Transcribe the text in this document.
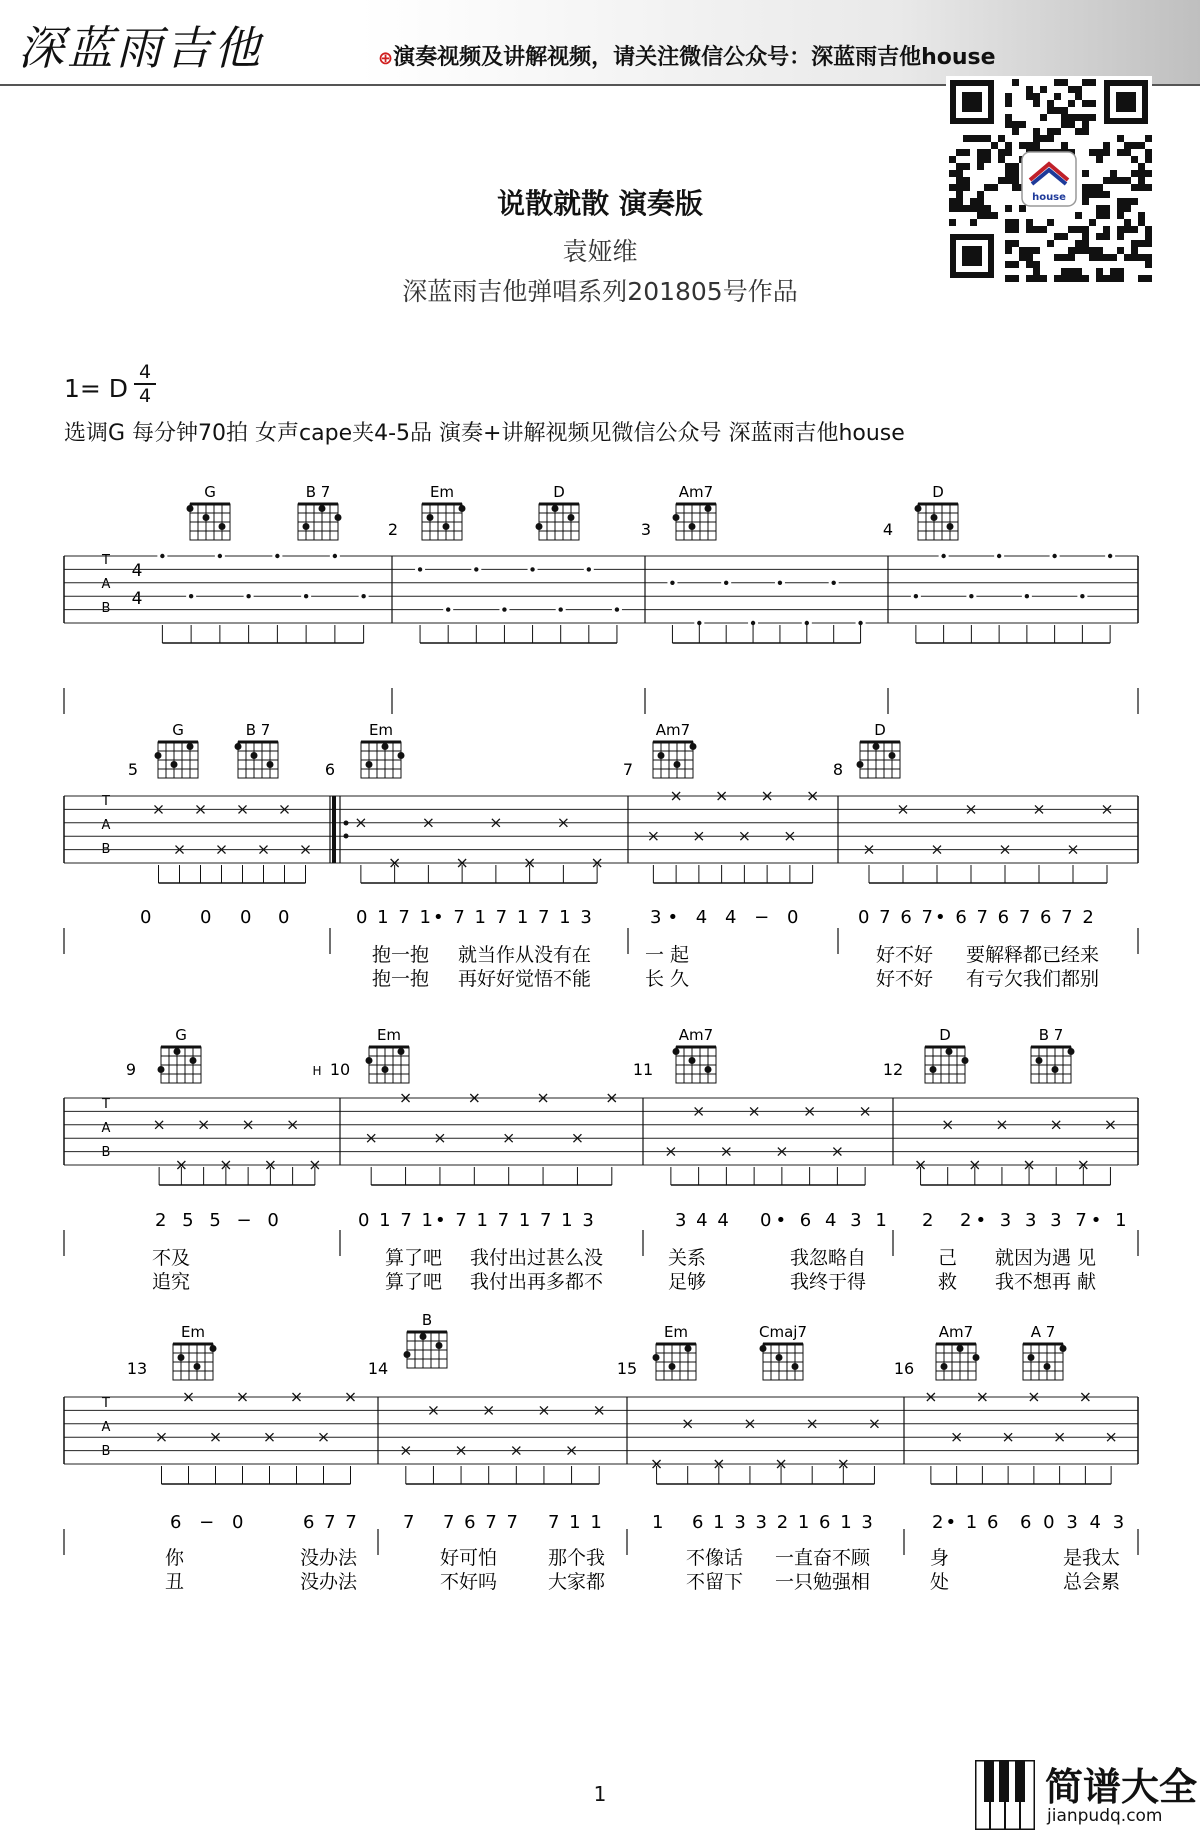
深蓝雨吉他	⊕演奏视频及讲解视频，请关注微信公众号：深蓝雨吉他house
house
说散就散 演奏版
袁娅维
深蓝雨吉他弹唱系列201805号作品
1= D
4
4
选调G 每分钟70拍 女声cape夹4-5品 演奏+讲解视频见微信公众号 深蓝雨吉他house
G	B 7	Em	D	Am7	D
2	3	4
T
A
B
4
4
G	B 7	Em	Am7	D
5	6	7	8
T
A
B
0	0 0 0	0 1 7 1• 7 1 7 1 7 1 3	3• 4 4 − 0	0 7 6 7• 6 7 6 7 6 7 2
抱一抱 就当作从没有在	一 起	好不好 要解释都已经来
抱一抱 再好好觉悟不能	长 久	好不好 有亏欠我们都别
G	Em	Am7	D	B 7
9	H 10	11	12
T
A
B
2 5 5 − 0	0 1 7 1• 7 1 7 1 7 1 3	3 4 4 0• 6 4 3 1 2 2• 3 3 3 7• 1
不及	算了吧 我付出过甚么没	关系	我忽略自	己 就因为遇 见
追究	算了吧 我付出再多都不	足够	我终于得	救 我不想再 献
Em
B
Em	Cmaj7	Am7	A 7
13	14	15	16
T
A
B
6 − 0	6 7 7 7 7 6 7 7 7 1 1	1 6 1 3 3 2 1 6 1 3	2• 1 6 6 0 3 4 3
你	没办法	好可怕	那个我	不像话 一直奋不顾	身	是我太
丑	没办法	不好吗	大家都	不留下 一只勉强相	处	总会累
1	简谱大全
jianpudq.com
